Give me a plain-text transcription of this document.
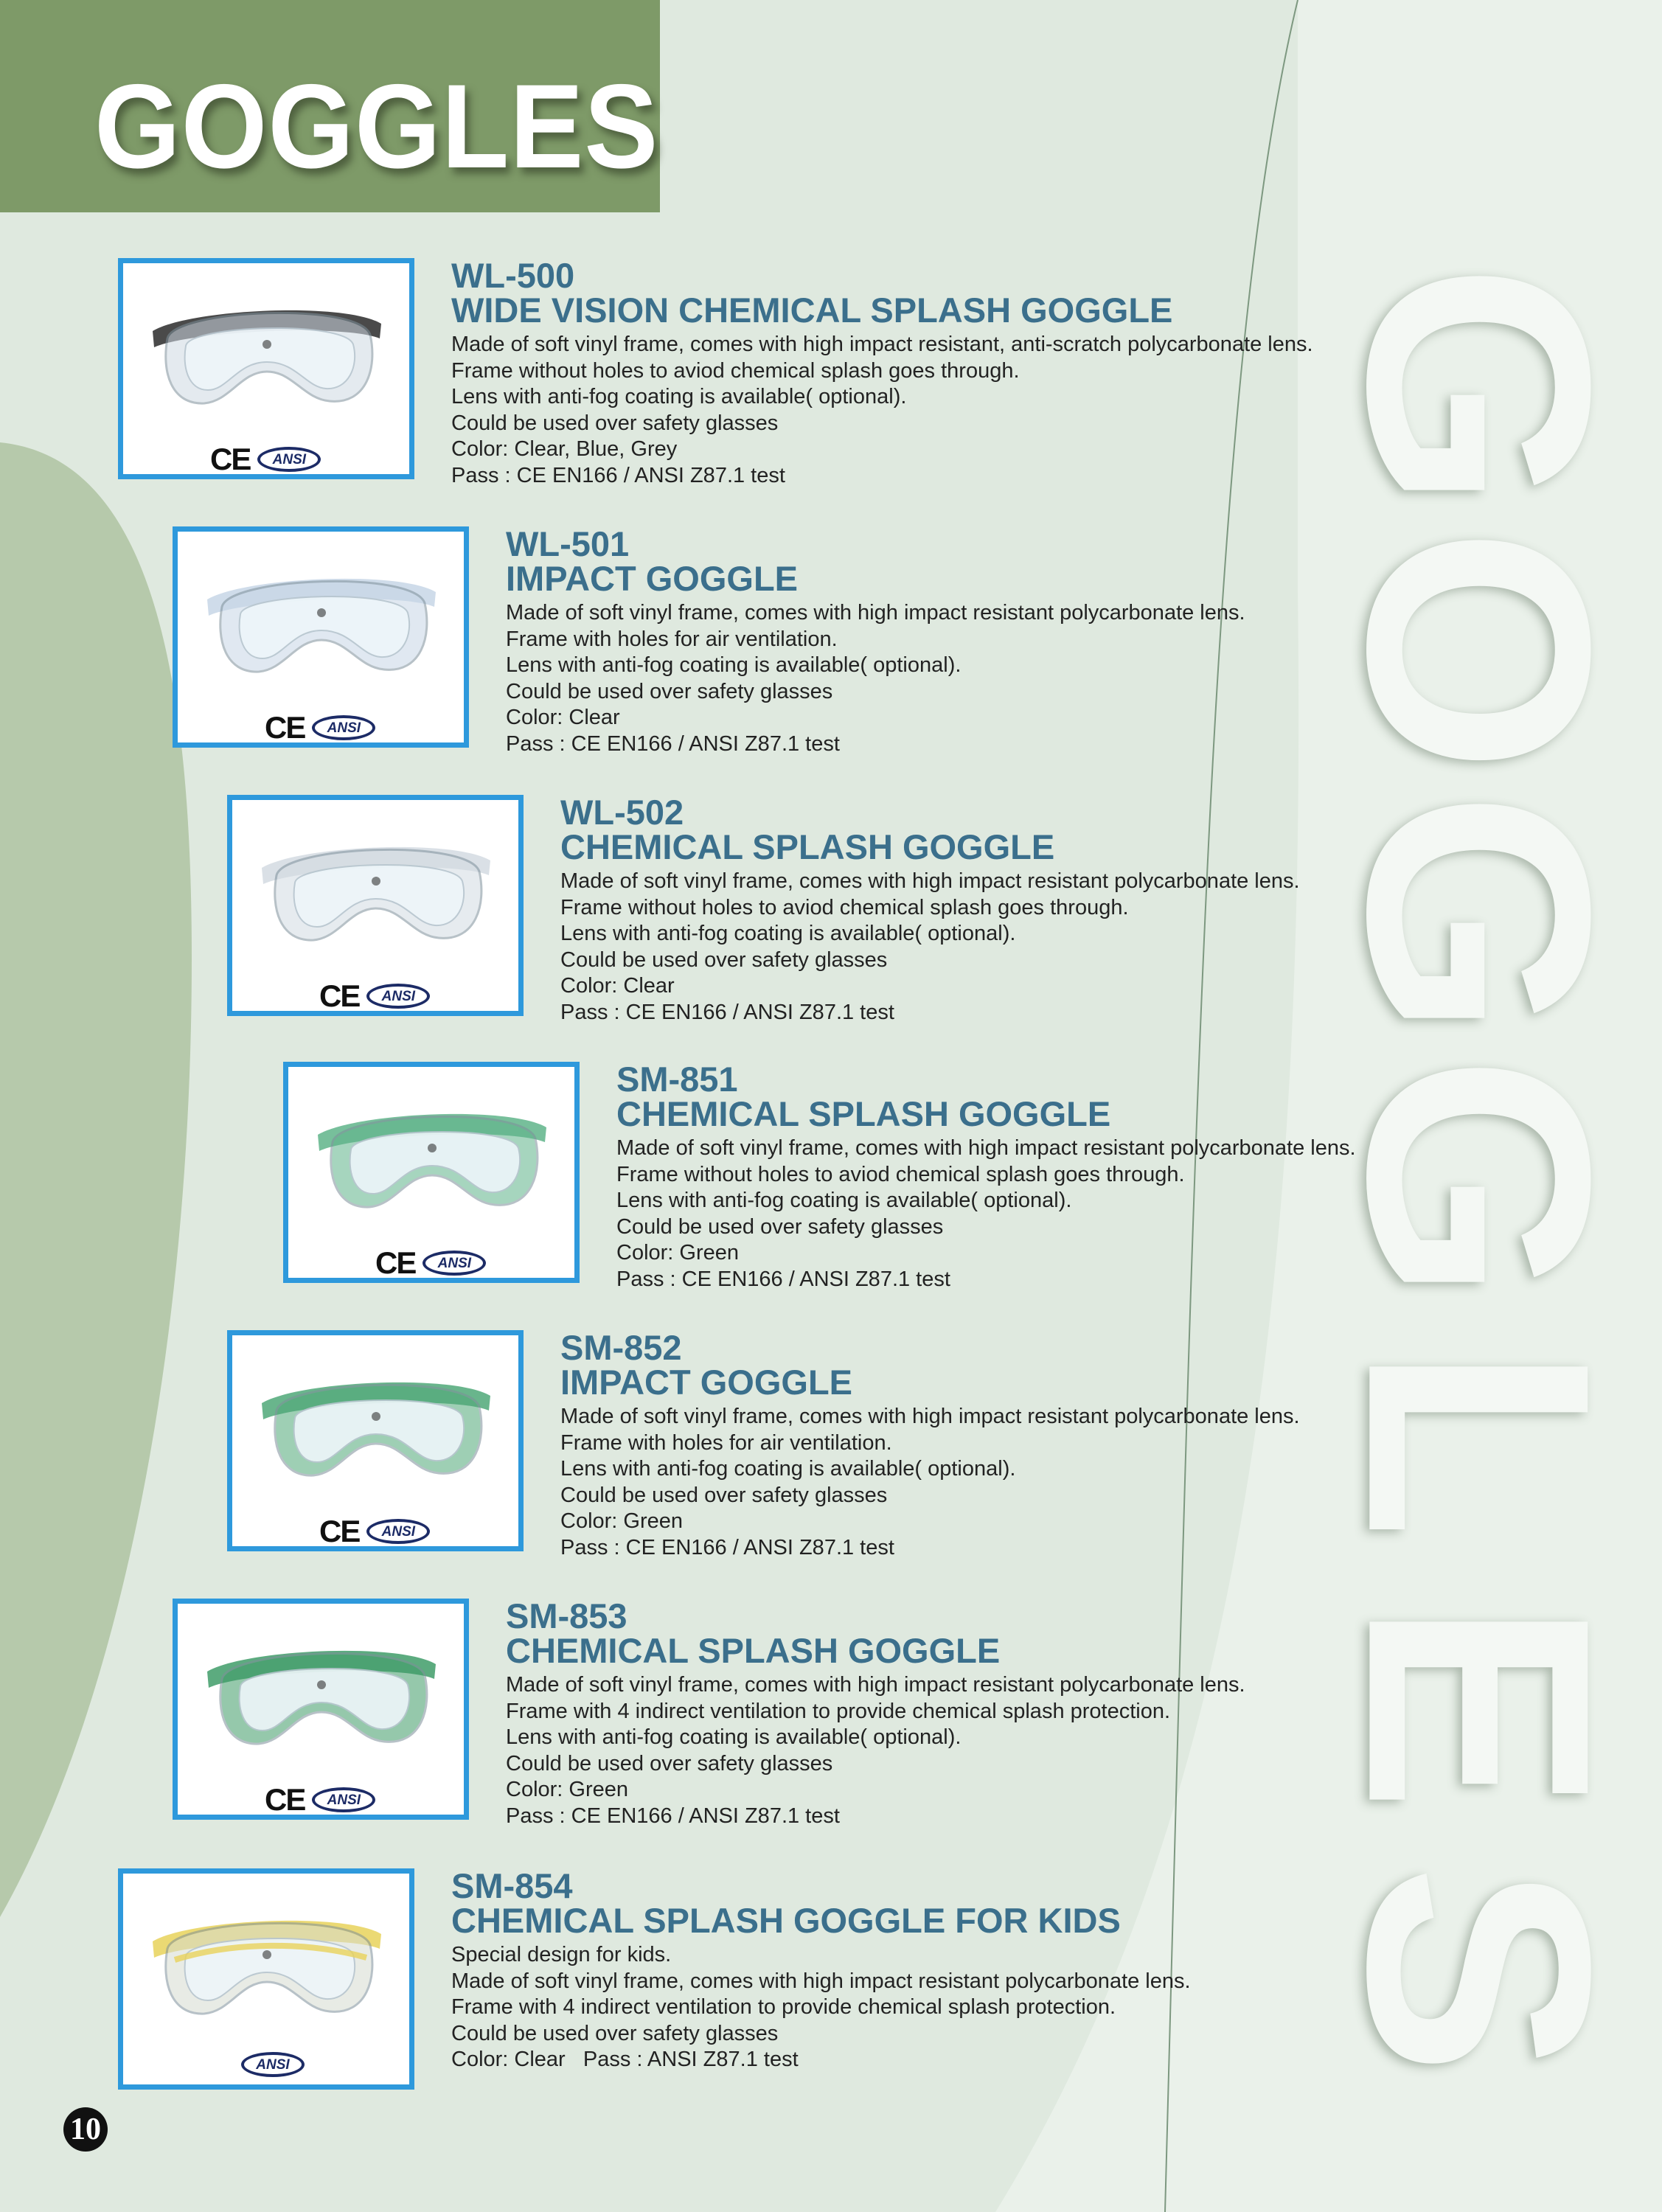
GOGGLES
G
O
G
G
L
E
S
CE	ANSI
WL-500
WIDE VISION CHEMICAL SPLASH GOGGLE
Made of soft vinyl frame, comes with high impact resistant, anti-scratch polycarbonate lens.
Frame without holes to aviod chemical splash goes through.
Lens with anti-fog coating is available( optional).
Could be used over safety glasses
Color: Clear, Blue, Grey
Pass : CE EN166 / ANSI Z87.1 test
CE	ANSI
WL-501
IMPACT GOGGLE
Made of soft vinyl frame, comes with high impact resistant polycarbonate lens.
Frame with holes for air ventilation.
Lens with anti-fog coating is available( optional).
Could be used over safety glasses
Color: Clear
Pass : CE EN166 / ANSI Z87.1 test
CE	ANSI
WL-502
CHEMICAL SPLASH GOGGLE
Made of soft vinyl frame, comes with high impact resistant polycarbonate lens.
Frame without holes to aviod chemical splash goes through.
Lens with anti-fog coating is available( optional).
Could be used over safety glasses
Color: Clear
Pass : CE EN166 / ANSI Z87.1 test
CE	ANSI
SM-851
CHEMICAL SPLASH GOGGLE
Made of soft vinyl frame, comes with high impact resistant polycarbonate lens.
Frame without holes to aviod chemical splash goes through.
Lens with anti-fog coating is available( optional).
Could be used over safety glasses
Color: Green
Pass : CE EN166 / ANSI Z87.1 test
CE	ANSI
SM-852
IMPACT GOGGLE
Made of soft vinyl frame, comes with high impact resistant polycarbonate lens.
Frame with holes for air ventilation.
Lens with anti-fog coating is available( optional).
Could be used over safety glasses
Color: Green
Pass : CE EN166 / ANSI Z87.1 test
CE	ANSI
SM-853
CHEMICAL SPLASH GOGGLE
Made of soft vinyl frame, comes with high impact resistant polycarbonate lens.
Frame with 4 indirect ventilation to provide chemical splash protection.
Lens with anti-fog coating is available( optional).
Could be used over safety glasses
Color: Green
Pass : CE EN166 / ANSI Z87.1 test
ANSI
SM-854
CHEMICAL SPLASH GOGGLE FOR KIDS
Special design for kids.
Made of soft vinyl frame, comes with high impact resistant polycarbonate lens.
Frame with 4 indirect ventilation to provide chemical splash protection.
Could be used over safety glasses
Color: Clear   Pass : ANSI Z87.1 test
10
